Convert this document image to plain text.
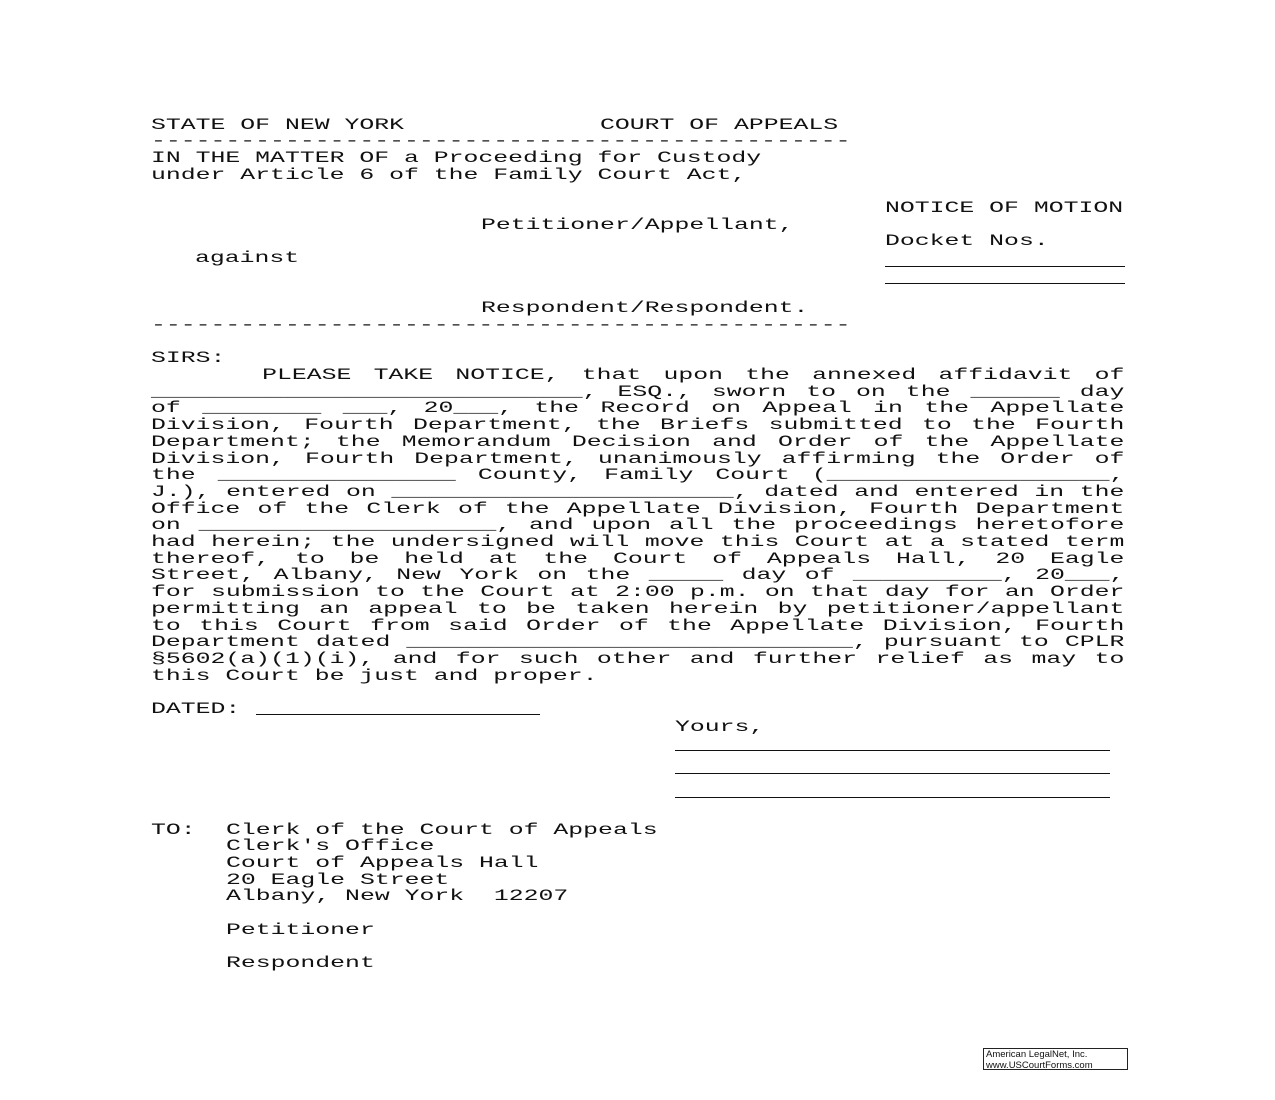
STATE OF NEW YORK	COURT OF APPEALS
-----------------------------------------------
IN THE MATTER OF a Proceeding for Custody
under Article 6 of the Family Court Act,
NOTICE OF MOTION
Petitioner/Appellant,
Docket Nos.
against
Respondent/Respondent.
-----------------------------------------------
SIRS:
PLEASE TAKE NOTICE, that upon the annexed affidavit of
_____________________________, ESQ., sworn to on the ______ day
of ________ ___, 20___, the Record on Appeal in the Appellate
Division, Fourth Department, the Briefs submitted to the Fourth
Department; the Memorandum Decision and Order of the Appellate
Division, Fourth Department, unanimously affirming the Order of
the ________________ County, Family Court (___________________,
J.), entered on _______________________, dated and entered in the
Office of the Clerk of the Appellate Division, Fourth Department
on ____________________, and upon all the proceedings heretofore
had herein; the undersigned will move this Court at a stated term
thereof, to be held at the Court of Appeals Hall, 20 Eagle
Street, Albany, New York on the _____ day of __________, 20___,
for submission to the Court at 2:00 p.m. on that day for an Order
permitting an appeal to be taken herein by petitioner/appellant
to this Court from said Order of the Appellate Division, Fourth
Department dated ______________________________, pursuant to CPLR
§5602(a)(1)(i), and for such other and further relief as may to
this Court be just and proper.
DATED:
Yours,
TO: Clerk of the Court of Appeals
Clerk's Office
Court of Appeals Hall
20 Eagle Street
Albany, New York  12207
Petitioner
Respondent
American LegalNet, Inc.
www.USCourtForms.com
